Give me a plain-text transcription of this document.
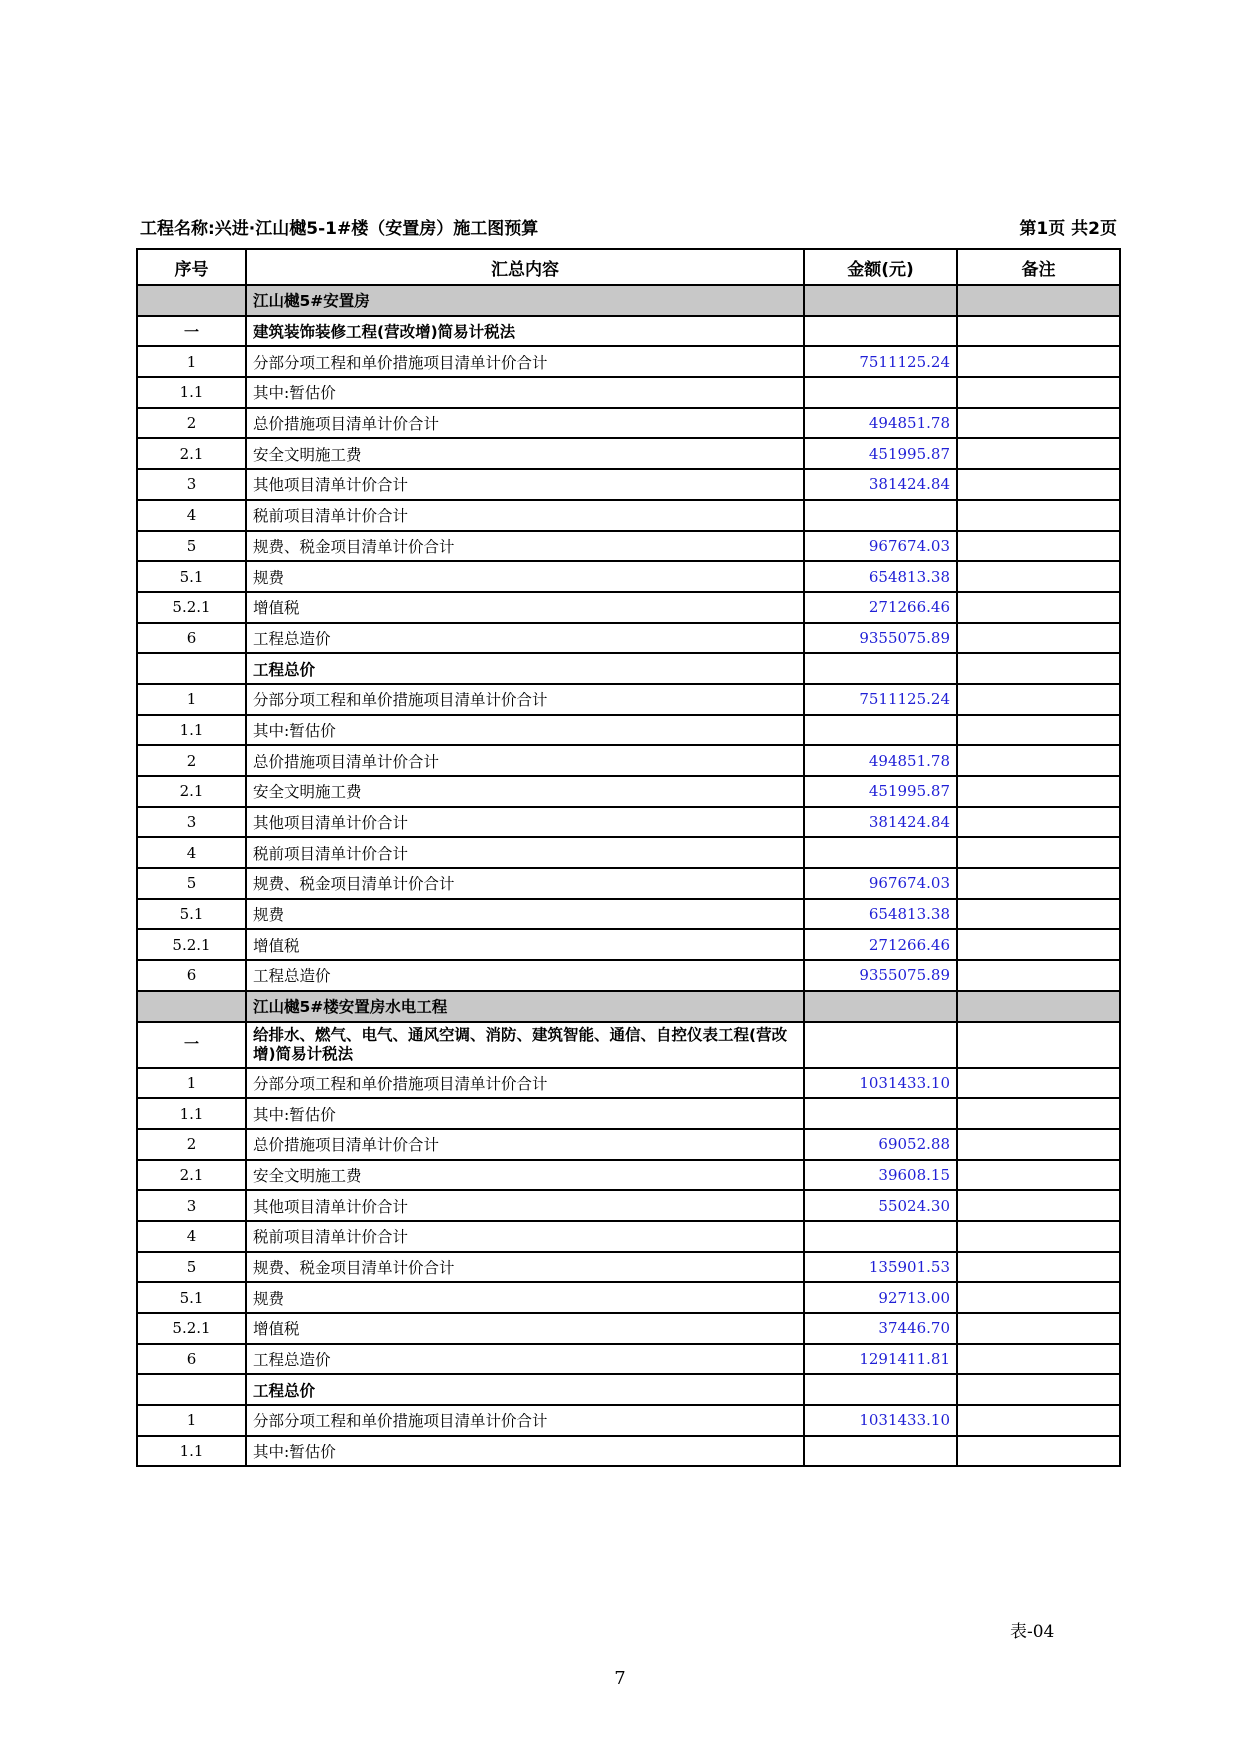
工程名称:兴进·江山樾5-1#楼（安置房）施工图预算	第1页 共2页
序号	汇总内容	金额(元)	备注
	江山樾5#安置房		
一	建筑装饰装修工程(营改增)简易计税法		
1	分部分项工程和单价措施项目清单计价合计	7511125.24	
1.1	其中:暂估价		
2	总价措施项目清单计价合计	494851.78	
2.1	安全文明施工费	451995.87	
3	其他项目清单计价合计	381424.84	
4	税前项目清单计价合计		
5	规费、税金项目清单计价合计	967674.03	
5.1	规费	654813.38	
5.2.1	增值税	271266.46	
6	工程总造价	9355075.89	
	工程总价		
1	分部分项工程和单价措施项目清单计价合计	7511125.24	
1.1	其中:暂估价		
2	总价措施项目清单计价合计	494851.78	
2.1	安全文明施工费	451995.87	
3	其他项目清单计价合计	381424.84	
4	税前项目清单计价合计		
5	规费、税金项目清单计价合计	967674.03	
5.1	规费	654813.38	
5.2.1	增值税	271266.46	
6	工程总造价	9355075.89	
	江山樾5#楼安置房水电工程		
一	给排水、燃气、电气、通风空调、消防、建筑智能、通信、自控仪表工程(营改增)简易计税法		
1	分部分项工程和单价措施项目清单计价合计	1031433.10	
1.1	其中:暂估价		
2	总价措施项目清单计价合计	69052.88	
2.1	安全文明施工费	39608.15	
3	其他项目清单计价合计	55024.30	
4	税前项目清单计价合计		
5	规费、税金项目清单计价合计	135901.53	
5.1	规费	92713.00	
5.2.1	增值税	37446.70	
6	工程总造价	1291411.81	
	工程总价		
1	分部分项工程和单价措施项目清单计价合计	1031433.10	
1.1	其中:暂估价		
表-04
7
